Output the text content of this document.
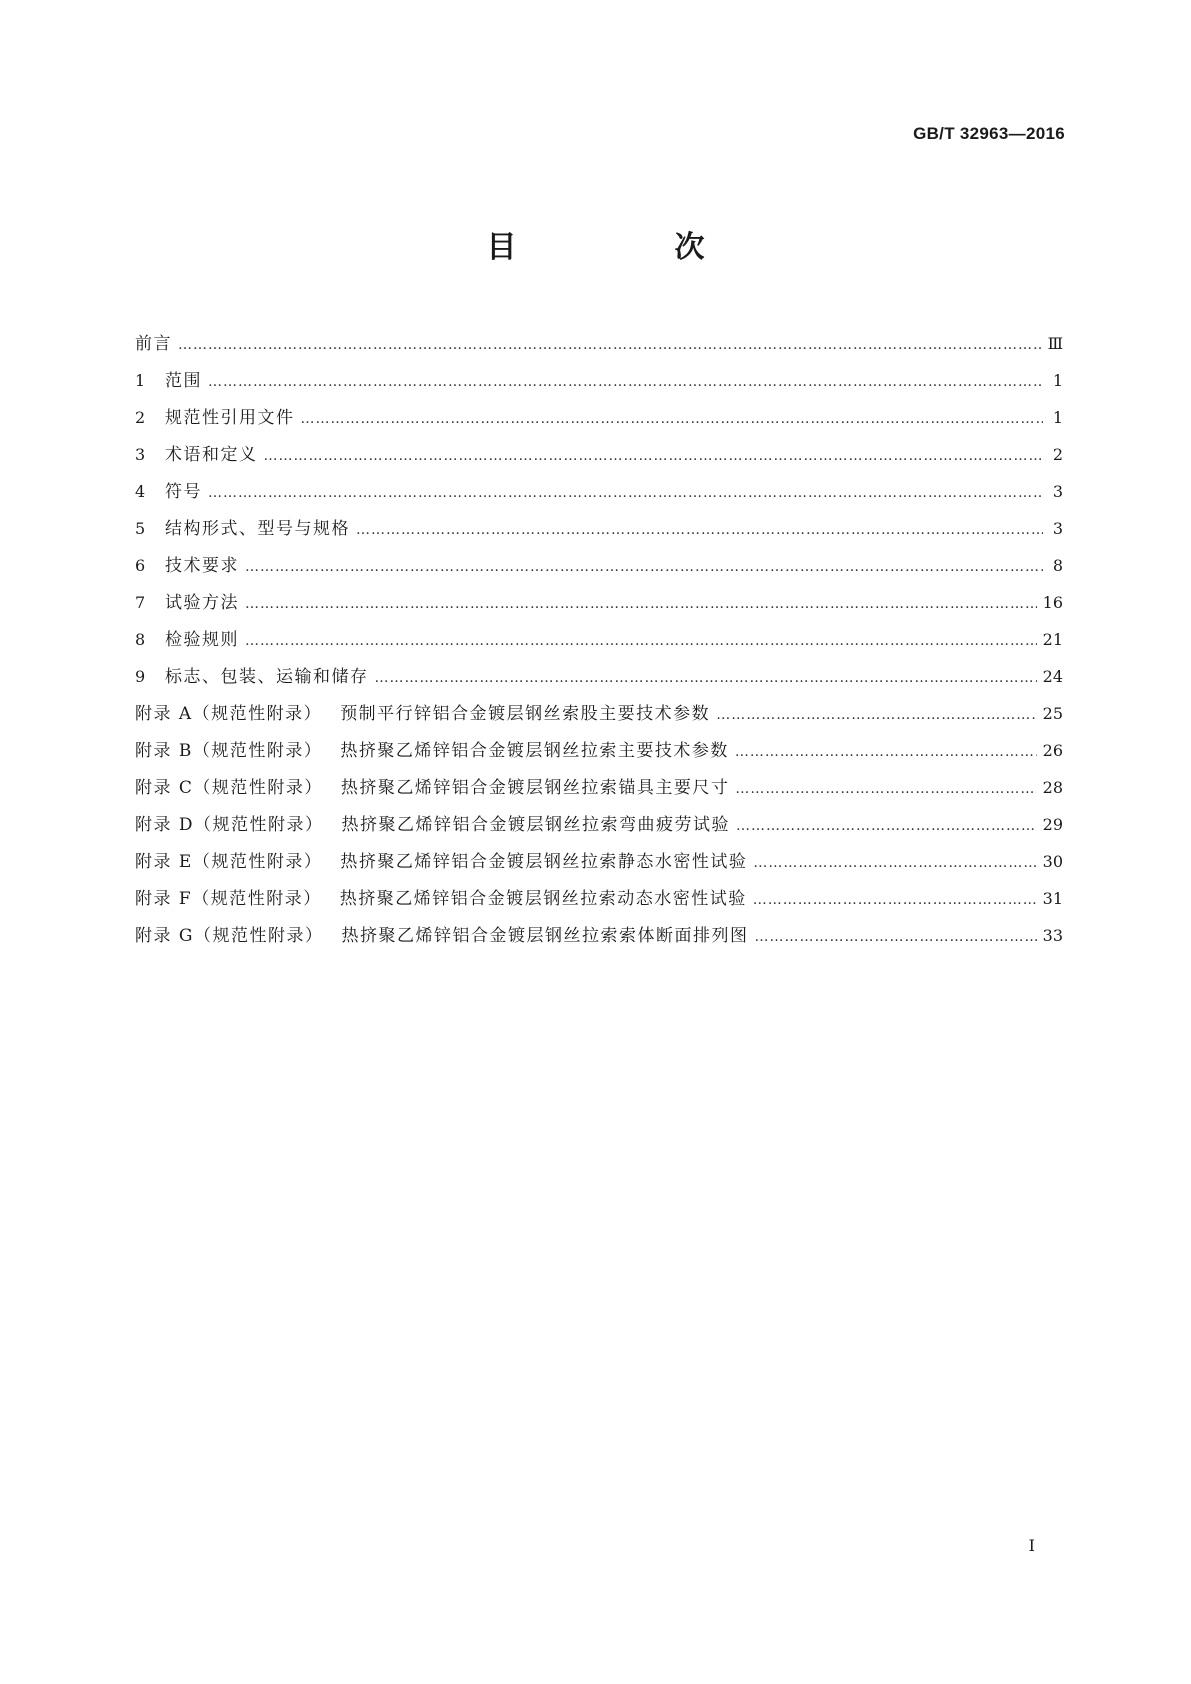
GB/T 32963—2016
目　次
前言 ……………………………………………………………………………………………………………………………………………………………………………………………………	Ⅲ
1	范围 ……………………………………………………………………………………………………………………………………………………………………………………………………	1
2	规范性引用文件 ……………………………………………………………………………………………………………………………………………………………………………………………………	1
3	术语和定义 ……………………………………………………………………………………………………………………………………………………………………………………………………	2
4	符号 ……………………………………………………………………………………………………………………………………………………………………………………………………	3
5	结构形式、型号与规格 ……………………………………………………………………………………………………………………………………………………………………………………………………	3
6	技术要求 ……………………………………………………………………………………………………………………………………………………………………………………………………	8
7	试验方法 ……………………………………………………………………………………………………………………………………………………………………………………………………	16
8	检验规则 ……………………………………………………………………………………………………………………………………………………………………………………………………	21
9	标志、包装、运输和储存 ……………………………………………………………………………………………………………………………………………………………………………………………………	24
附录 A（规范性附录） 预制平行锌铝合金镀层钢丝索股主要技术参数 ……………………………………………………………………………………………………………………………………………………………………………………………………	25
附录 B（规范性附录） 热挤聚乙烯锌铝合金镀层钢丝拉索主要技术参数 ……………………………………………………………………………………………………………………………………………………………………………………………………	26
附录 C（规范性附录） 热挤聚乙烯锌铝合金镀层钢丝拉索锚具主要尺寸 ……………………………………………………………………………………………………………………………………………………………………………………………………	28
附录 D（规范性附录） 热挤聚乙烯锌铝合金镀层钢丝拉索弯曲疲劳试验 ……………………………………………………………………………………………………………………………………………………………………………………………………	29
附录 E（规范性附录） 热挤聚乙烯锌铝合金镀层钢丝拉索静态水密性试验 ……………………………………………………………………………………………………………………………………………………………………………………………………	30
附录 F（规范性附录） 热挤聚乙烯锌铝合金镀层钢丝拉索动态水密性试验 ……………………………………………………………………………………………………………………………………………………………………………………………………	31
附录 G（规范性附录） 热挤聚乙烯锌铝合金镀层钢丝拉索索体断面排列图 ……………………………………………………………………………………………………………………………………………………………………………………………………	33
I
